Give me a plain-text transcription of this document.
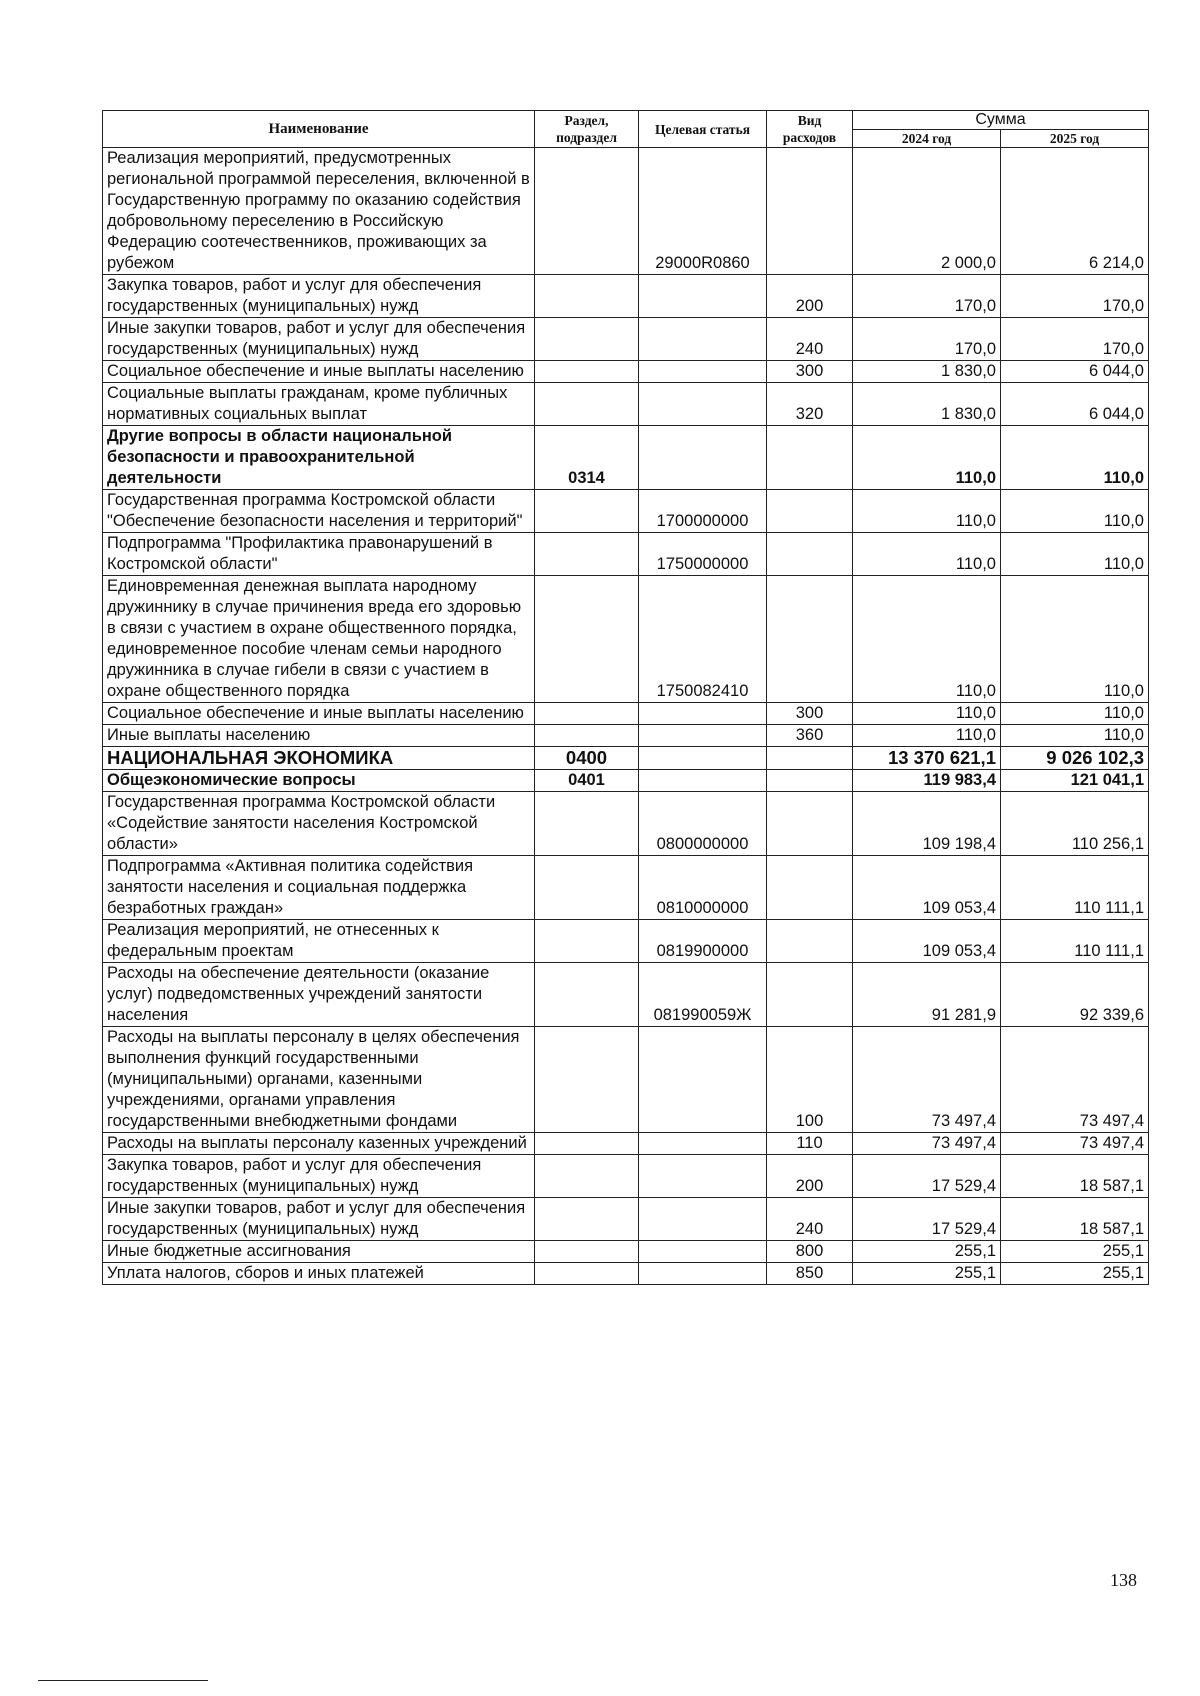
Наименование	Раздел, подраздел	Целевая статья	Вид расходов	Сумма	
				2024 год	2025 год
Реализация мероприятий, предусмотренных региональной программой переселения, включенной в Государственную программу по оказанию содействия добровольному переселению в Российскую Федерацию соотечественников, проживающих за рубежом		29000R0860		2 000,0	6 214,0
Закупка товаров, работ и услуг для обеспечения государственных (муниципальных) нужд			200	170,0	170,0
Иные закупки товаров, работ и услуг для обеспечения государственных (муниципальных) нужд			240	170,0	170,0
Социальное обеспечение и иные выплаты населению			300	1 830,0	6 044,0
Социальные выплаты гражданам, кроме публичных нормативных социальных выплат			320	1 830,0	6 044,0
Другие вопросы в области национальной безопасности и правоохранительной деятельности	0314			110,0	110,0
Государственная программа Костромской области "Обеспечение безопасности населения и территорий"		1700000000		110,0	110,0
Подпрограмма "Профилактика правонарушений в Костромской области"		1750000000		110,0	110,0
Единовременная денежная выплата народному дружиннику в случае причинения вреда его здоровью в связи с участием в охране общественного порядка, единовременное пособие членам семьи народного дружинника в случае гибели в связи с участием в охране общественного порядка		1750082410		110,0	110,0
Социальное обеспечение и иные выплаты населению			300	110,0	110,0
Иные выплаты населению			360	110,0	110,0
НАЦИОНАЛЬНАЯ ЭКОНОМИКА	0400			13 370 621,1	9 026 102,3
Общеэкономические вопросы	0401			119 983,4	121 041,1
Государственная программа Костромской области «Содействие занятости населения Костромской области»		0800000000		109 198,4	110 256,1
Подпрограмма «Активная политика содействия занятости населения и социальная поддержка безработных граждан»		0810000000		109 053,4	110 111,1
Реализация мероприятий, не отнесенных к федеральным проектам		0819900000		109 053,4	110 111,1
Расходы на обеспечение деятельности (оказание услуг) подведомственных учреждений занятости населения		081990059Ж		91 281,9	92 339,6
Расходы на выплаты персоналу в целях обеспечения выполнения функций государственными (муниципальными) органами, казенными учреждениями, органами управления государственными внебюджетными фондами			100	73 497,4	73 497,4
Расходы на выплаты персоналу казенных учреждений			110	73 497,4	73 497,4
Закупка товаров, работ и услуг для обеспечения государственных (муниципальных) нужд			200	17 529,4	18 587,1
Иные закупки товаров, работ и услуг для обеспечения государственных (муниципальных) нужд			240	17 529,4	18 587,1
Иные бюджетные ассигнования			800	255,1	255,1
Уплата налогов, сборов и иных платежей			850	255,1	255,1
138
